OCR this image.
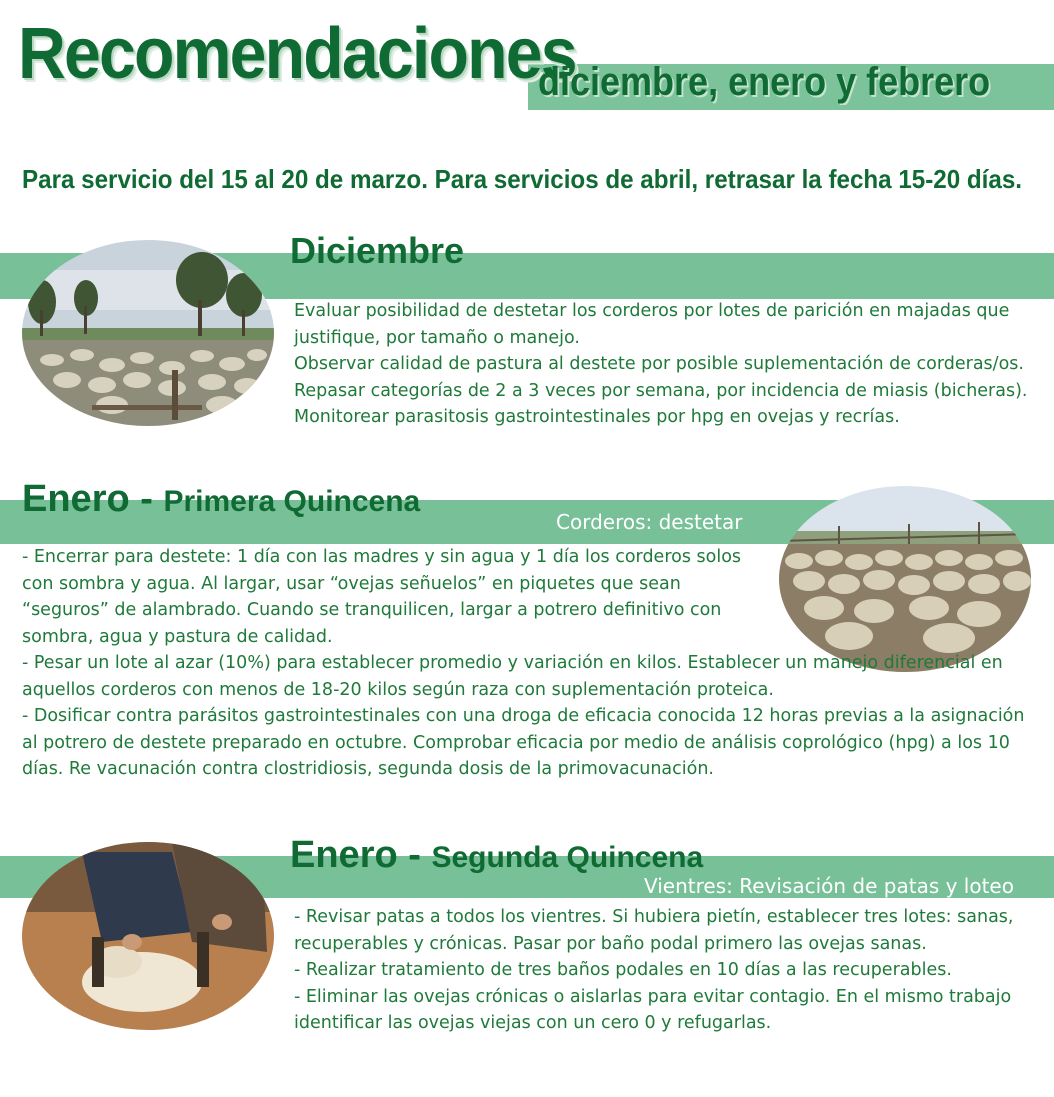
Recomendaciones
diciembre, enero y febrero
Para servicio del 15 al 20 de marzo. Para servicios de abril, retrasar la fecha 15-20 días.
Diciembre

Evaluar posibilidad de destetar los corderos por lotes de parición en majadas que justifique, por tamaño o manejo.

Observar calidad de pastura al destete por posible suplementación de corderas/os. Repasar categorías de 2 a 3 veces por semana, por incidencia de miasis (bicheras).

Monitorear parasitosis gastrointestinales por hpg en ovejas y recrías.

Enero - Primera Quincena
Corderos: destetar

- Encerrar para destete: 1 día con las madres y sin agua y 1 día los corderos solos con sombra y agua. Al largar, usar “ovejas señuelos” en piquetes que sean “seguros” de alambrado. Cuando se tranquilicen, largar a potrero definitivo con sombra, agua y pastura de calidad.

- Pesar un lote al azar (10%) para establecer promedio y variación en kilos. Establecer un manejo diferencial en aquellos corderos con menos de 18-20 kilos según raza con suplementación proteica.

- Dosificar contra parásitos gastrointestinales con una droga de eficacia conocida 12 horas previas a la asignación al potrero de destete preparado en octubre. Comprobar eficacia por medio de análisis coprológico (hpg) a los 10 días. Re vacunación contra clostridiosis, segunda dosis de la primovacunación.

Enero - Segunda Quincena
Vientres: Revisación de patas y loteo

- Revisar patas a todos los vientres. Si hubiera pietín, establecer tres lotes: sanas, recuperables y crónicas. Pasar por baño podal primero las ovejas sanas.

- Realizar tratamiento de tres baños podales en 10 días a las recuperables.

- Eliminar las ovejas crónicas o aislarlas para evitar contagio. En el mismo trabajo identificar las ovejas viejas con un cero 0 y refugarlas.
